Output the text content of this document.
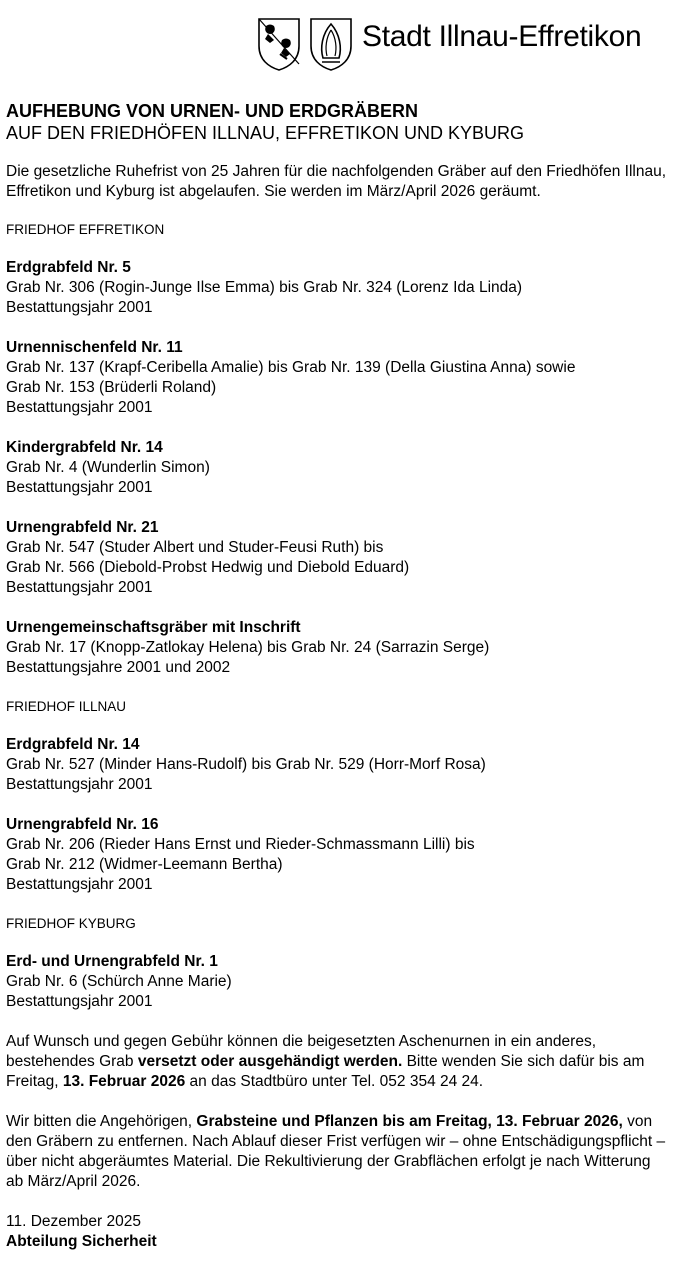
Stadt Illnau-Effretikon
AUFHEBUNG VON URNEN- UND ERDGRÄBERN
AUF DEN FRIEDHÖFEN ILLNAU, EFFRETIKON UND KYBURG

Die gesetzliche Ruhefrist von 25 Jahren für die nachfolgenden Gräber auf den Friedhöfen Illnau, Effretikon und Kyburg ist abgelaufen. Sie werden im März/April 2026 geräumt.

FRIEDHOF EFFRETIKON

Erdgrabfeld Nr. 5

Grab Nr. 306 (Rogin-Junge Ilse Emma) bis Grab Nr. 324 (Lorenz Ida Linda)

Bestattungsjahr 2001

Urnennischenfeld Nr. 11

Grab Nr. 137 (Krapf-Ceribella Amalie) bis Grab Nr. 139 (Della Giustina Anna) sowie

Grab Nr. 153 (Brüderli Roland)

Bestattungsjahr 2001

Kindergrabfeld Nr. 14

Grab Nr. 4 (Wunderlin Simon)

Bestattungsjahr 2001

Urnengrabfeld Nr. 21

Grab Nr. 547 (Studer Albert und Studer-Feusi Ruth) bis

Grab Nr. 566 (Diebold-Probst Hedwig und Diebold Eduard)

Bestattungsjahr 2001

Urnengemeinschaftsgräber mit Inschrift

Grab Nr. 17 (Knopp-Zatlokay Helena) bis Grab Nr. 24 (Sarrazin Serge)

Bestattungsjahre 2001 und 2002

FRIEDHOF ILLNAU

Erdgrabfeld Nr. 14

Grab Nr. 527 (Minder Hans-Rudolf) bis Grab Nr. 529 (Horr-Morf Rosa)

Bestattungsjahr 2001

Urnengrabfeld Nr. 16

Grab Nr. 206 (Rieder Hans Ernst und Rieder-Schmassmann Lilli) bis

Grab Nr. 212 (Widmer-Leemann Bertha)

Bestattungsjahr 2001

FRIEDHOF KYBURG

Erd- und Urnengrabfeld Nr. 1

Grab Nr. 6 (Schürch Anne Marie)

Bestattungsjahr 2001

Auf Wunsch und gegen Gebühr können die beigesetzten Aschenurnen in ein anderes, bestehendes Grab versetzt oder ausgehändigt werden. Bitte wenden Sie sich dafür bis am Freitag, 13. Februar 2026 an das Stadtbüro unter Tel. 052 354 24 24.

Wir bitten die Angehörigen, Grabsteine und Pflanzen bis am Freitag, 13. Februar 2026, von den Gräbern zu entfernen. Nach Ablauf dieser Frist verfügen wir – ohne Entschädigungspflicht – über nicht abgeräumtes Material. Die Rekultivierung der Grabflächen erfolgt je nach Witterung ab März/April 2026.

11. Dezember 2025

Abteilung Sicherheit
